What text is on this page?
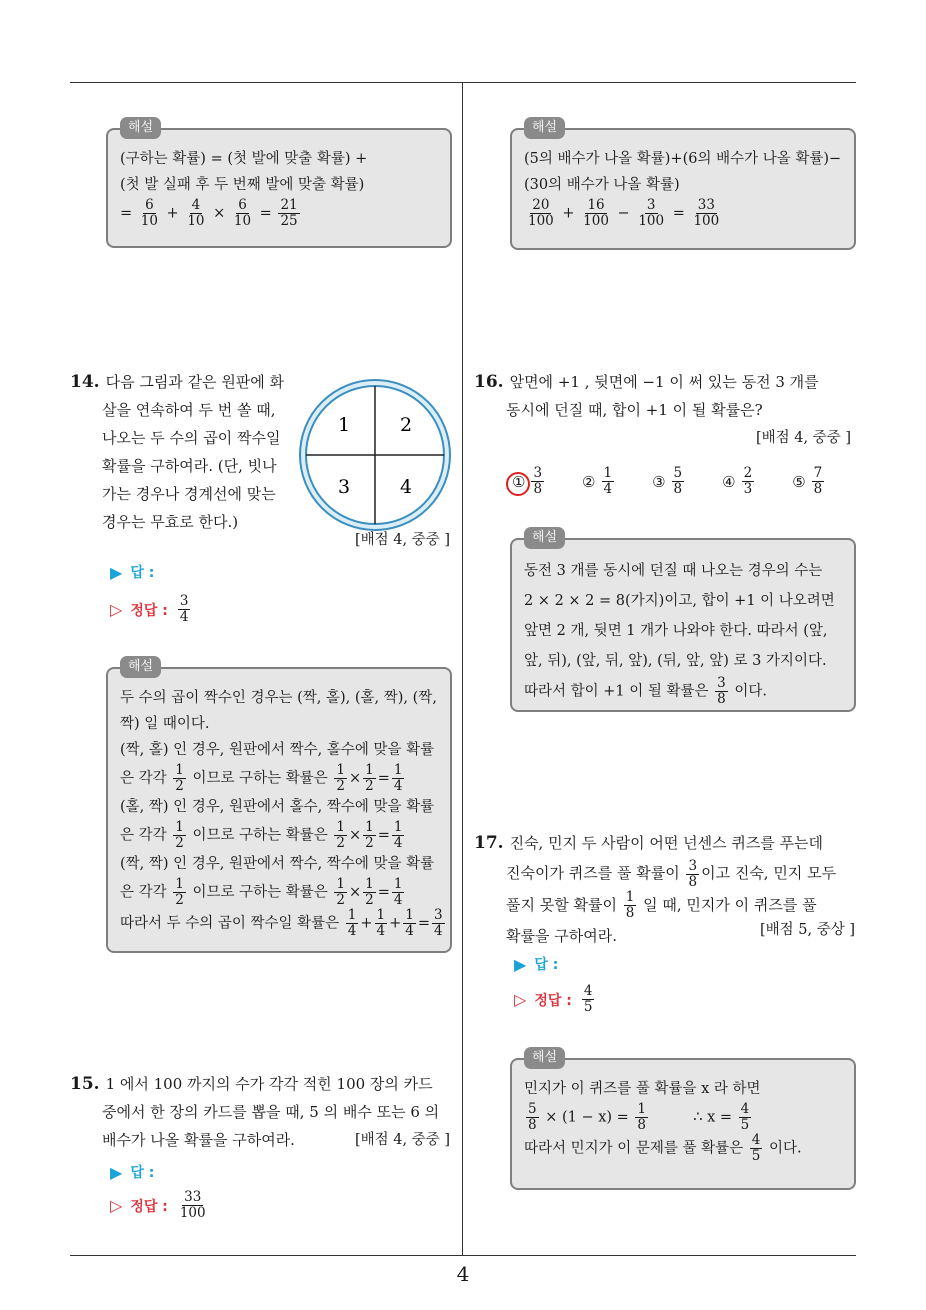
4
해설
(구하는 확률) = (첫 발에 맞출 확률) +
(첫 발 실패 후 두 번째 발에 맞출 확률)
= $\frac{6}{10} + \frac{4}{10} \times \frac{6}{10} = \frac{21}{25}$
해설
(5의 배수가 나올 확률)+(6의 배수가 나올 확률)−
(30의 배수가 나올 확률)
$\frac{20}{100} + \frac{16}{100} - \frac{3}{100} = \frac{33}{100}$
14. 다음 그림과 같은 원판에 화
살을 연속하여 두 번 쏠 때,
나오는 두 수의 곱이 짝수일
확률을 구하여라. (단, 빗나
가는 경우나 경계선에 맞는
경우는 무효로 한다.)
1	2
3	4
[배점 4, 중중 ]
▶ 답 :
▷ 정답 : $\frac{3}{4}$
해설
두 수의 곱이 짝수인 경우는 (짝, 홀), (홀, 짝), (짝,
짝) 일 때이다.
(짝, 홀) 인 경우, 원판에서 짝수, 홀수에 맞을 확률
은 각각 $\frac{1}{2}$ 이므로 구하는 확률은 $\frac{1}{2} \times \frac{1}{2} = \frac{1}{4}$
(홀, 짝) 인 경우, 원판에서 홀수, 짝수에 맞을 확률
은 각각 $\frac{1}{2}$ 이므로 구하는 확률은 $\frac{1}{2} \times \frac{1}{2} = \frac{1}{4}$
(짝, 짝) 인 경우, 원판에서 짝수, 짝수에 맞을 확률
은 각각 $\frac{1}{2}$ 이므로 구하는 확률은 $\frac{1}{2} \times \frac{1}{2} = \frac{1}{4}$
따라서 두 수의 곱이 짝수일 확률은 $\frac{1}{4} + \frac{1}{4} + \frac{1}{4} = \frac{3}{4}$
15. 1 에서 100 까지의 수가 각각 적힌 100 장의 카드
중에서 한 장의 카드를 뽑을 때, 5 의 배수 또는 6 의
배수가 나올 확률을 구하여라.	[배점 4, 중중 ]
▶ 답 :
▷ 정답 : $\frac{33}{100}$
16. 앞면에 +1 , 뒷면에 −1 이 써 있는 동전 3 개를
동시에 던질 때, 합이 +1 이 될 확률은?
[배점 4, 중중 ]
① $\frac{3}{8}$	② $\frac{1}{4}$	③ $\frac{5}{8}$	④ $\frac{2}{3}$	⑤ $\frac{7}{8}$
해설
동전 3 개를 동시에 던질 때 나오는 경우의 수는
2 × 2 × 2 = 8(가지)이고, 합이 +1 이 나오려면
앞면 2 개, 뒷면 1 개가 나와야 한다. 따라서 (앞,
앞, 뒤), (앞, 뒤, 앞), (뒤, 앞, 앞) 로 3 가지이다.
따라서 합이 +1 이 될 확률은 $\frac{3}{8}$ 이다.
17. 진숙, 민지 두 사람이 어떤 넌센스 퀴즈를 푸는데
진숙이가 퀴즈를 풀 확률이 $\frac{3}{8}$ 이고 진숙, 민지 모두
풀지 못할 확률이 $\frac{1}{8}$ 일 때, 민지가 이 퀴즈를 풀
확률을 구하여라.	[배점 5, 중상 ]
▶ 답 :
▷ 정답 : $\frac{4}{5}$
해설
민지가 이 퀴즈를 풀 확률을 x 라 하면
$\frac{5}{8} \times (1 - x) = \frac{1}{8}$	∴ $x = \frac{4}{5}$
따라서 민지가 이 문제를 풀 확률은 $\frac{4}{5}$ 이다.
